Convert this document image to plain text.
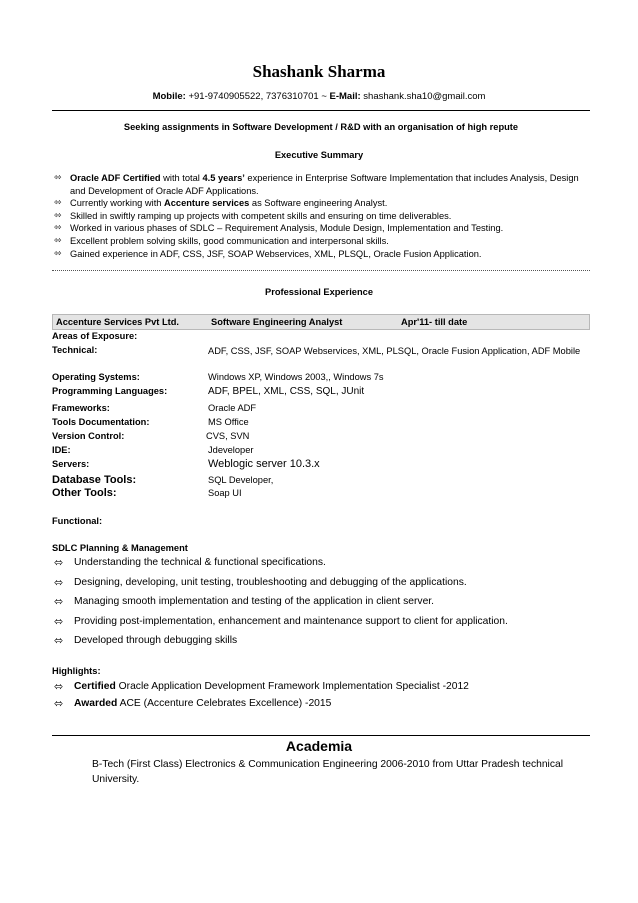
Shashank Sharma
Mobile: +91-9740905522, 7376310701 ~ E-Mail: shashank.sha10@gmail.com
Seeking assignments in Software Development / R&D with an organisation of high repute
Executive Summary
⬄ Oracle ADF Certified with total 4.5 years’ experience in Enterprise Software Implementation that includes Analysis, Design and Development of Oracle ADF Applications.
⬄ Currently working with Accenture services as Software engineering Analyst.
⬄ Skilled in swiftly ramping up projects with competent skills and ensuring on time deliverables.
⬄ Worked in various phases of SDLC – Requirement Analysis, Module Design, Implementation and Testing.
⬄ Excellent problem solving skills, good communication and interpersonal skills.
⬄ Gained experience in ADF, CSS, JSF, SOAP Webservices, XML, PLSQL, Oracle Fusion Application.
Professional Experience
Accenture Services Pvt Ltd.	Software Engineering Analyst	Apr'11- till date
Areas of Exposure:
Technical:	ADF, CSS, JSF, SOAP Webservices, XML, PLSQL, Oracle Fusion Application, ADF Mobile
Operating Systems:	Windows XP, Windows 2003,, Windows 7s
Programming Languages:	ADF, BPEL, XML, CSS, SQL, JUnit
Frameworks:	Oracle ADF
Tools Documentation:	MS Office
Version Control:	CVS, SVN
IDE:	Jdeveloper
Servers:	Weblogic server 10.3.x
Database Tools:	SQL Developer,
Other Tools:	Soap UI
Functional:
SDLC Planning & Management
⬄ Understanding the technical & functional specifications.
⬄ Designing, developing, unit testing, troubleshooting and debugging of the applications.
⬄ Managing smooth implementation and testing of the application in client server.
⬄ Providing post-implementation, enhancement and maintenance support to client for application.
⬄ Developed through debugging skills
Highlights:
⬄ Certified Oracle Application Development Framework Implementation Specialist -2012
⬄ Awarded ACE (Accenture Celebrates Excellence) -2015
Academia
B-Tech (First Class) Electronics & Communication Engineering 2006-2010 from Uttar Pradesh technical University.
